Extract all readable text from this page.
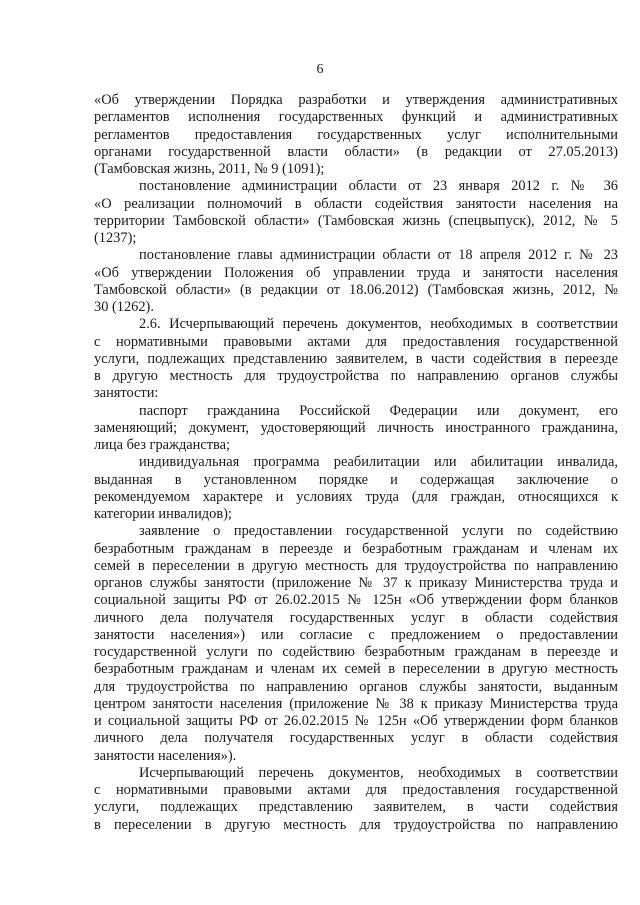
6
«Об утверждении Порядка разработки и утверждения административных
регламентов исполнения государственных функций и административных
регламентов предоставления государственных услуг исполнительными
органами государственной власти области» (в редакции от 27.05.2013)
(Тамбовская жизнь, 2011, № 9 (1091);
постановление администрации области от 23 января 2012 г. № 36
«О реализации полномочий в области содействия занятости населения на
территории Тамбовской области» (Тамбовская жизнь (спецвыпуск), 2012, № 5
(1237);
постановление главы администрации области от 18 апреля 2012 г. № 23
«Об утверждении Положения об управлении труда и занятости населения
Тамбовской области» (в редакции от 18.06.2012) (Тамбовская жизнь, 2012, №
30 (1262).
2.6. Исчерпывающий перечень документов, необходимых в соответствии
с нормативными правовыми актами для предоставления государственной
услуги, подлежащих представлению заявителем, в части содействия в переезде
в другую местность для трудоустройства по направлению органов службы
занятости:
паспорт гражданина Российской Федерации или документ, его
заменяющий; документ, удостоверяющий личность иностранного гражданина,
лица без гражданства;
индивидуальная программа реабилитации или абилитации инвалида,
выданная в установленном порядке и содержащая заключение о
рекомендуемом характере и условиях труда (для граждан, относящихся к
категории инвалидов);
заявление о предоставлении государственной услуги по содействию
безработным гражданам в переезде и безработным гражданам и членам их
семей в переселении в другую местность для трудоустройства по направлению
органов службы занятости (приложение № 37 к приказу Министерства труда и
социальной защиты РФ от 26.02.2015 № 125н «Об утверждении форм бланков
личного дела получателя государственных услуг в области содействия
занятости населения») или согласие с предложением о предоставлении
государственной услуги по содействию безработным гражданам в переезде и
безработным гражданам и членам их семей в переселении в другую местность
для трудоустройства по направлению органов службы занятости, выданным
центром занятости населения (приложение № 38 к приказу Министерства труда
и социальной защиты РФ от 26.02.2015 № 125н «Об утверждении форм бланков
личного дела получателя государственных услуг в области содействия
занятости населения»).
Исчерпывающий перечень документов, необходимых в соответствии
с нормативными правовыми актами для предоставления государственной
услуги, подлежащих представлению заявителем, в части содействия
в переселении в другую местность для трудоустройства по направлению
